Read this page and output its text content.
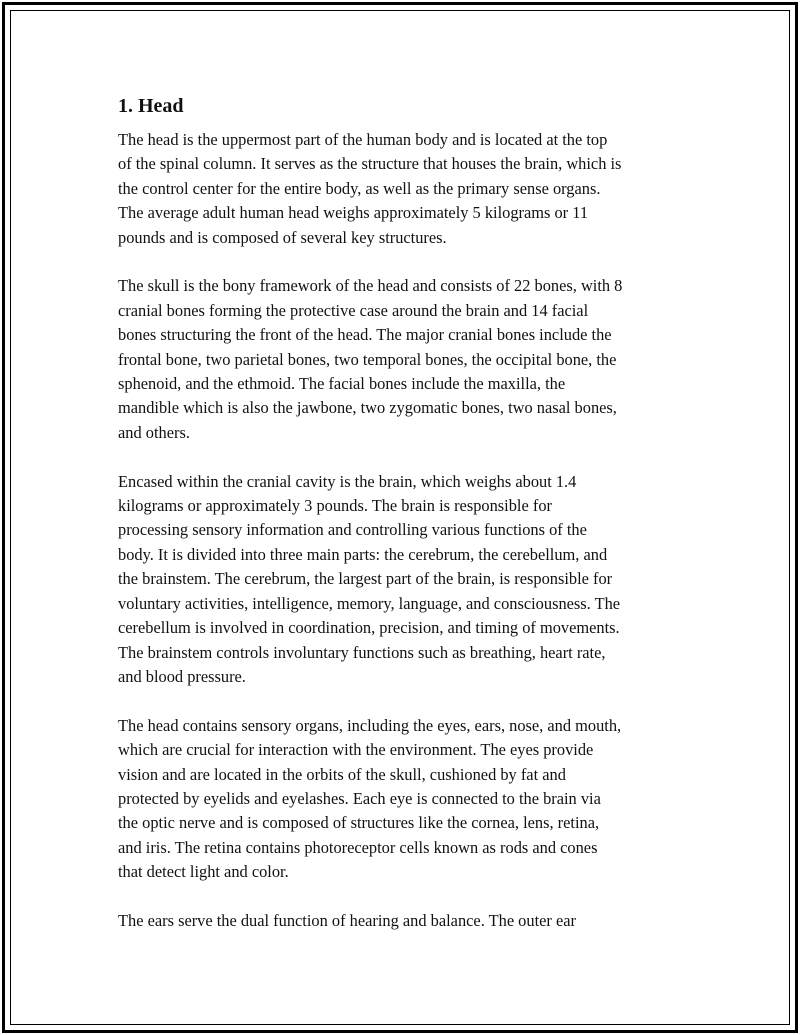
1. Head

The head is the uppermost part of the human body and is located at the top
of the spinal column. It serves as the structure that houses the brain, which is
the control center for the entire body, as well as the primary sense organs.
The average adult human head weighs approximately 5 kilograms or 11
pounds and is composed of several key structures.

The skull is the bony framework of the head and consists of 22 bones, with 8
cranial bones forming the protective case around the brain and 14 facial
bones structuring the front of the head. The major cranial bones include the
frontal bone, two parietal bones, two temporal bones, the occipital bone, the
sphenoid, and the ethmoid. The facial bones include the maxilla, the
mandible which is also the jawbone, two zygomatic bones, two nasal bones,
and others.

Encased within the cranial cavity is the brain, which weighs about 1.4
kilograms or approximately 3 pounds. The brain is responsible for
processing sensory information and controlling various functions of the
body. It is divided into three main parts: the cerebrum, the cerebellum, and
the brainstem. The cerebrum, the largest part of the brain, is responsible for
voluntary activities, intelligence, memory, language, and consciousness. The
cerebellum is involved in coordination, precision, and timing of movements.
The brainstem controls involuntary functions such as breathing, heart rate,
and blood pressure.

The head contains sensory organs, including the eyes, ears, nose, and mouth,
which are crucial for interaction with the environment. The eyes provide
vision and are located in the orbits of the skull, cushioned by fat and
protected by eyelids and eyelashes. Each eye is connected to the brain via
the optic nerve and is composed of structures like the cornea, lens, retina,
and iris. The retina contains photoreceptor cells known as rods and cones
that detect light and color.

The ears serve the dual function of hearing and balance. The outer ear
